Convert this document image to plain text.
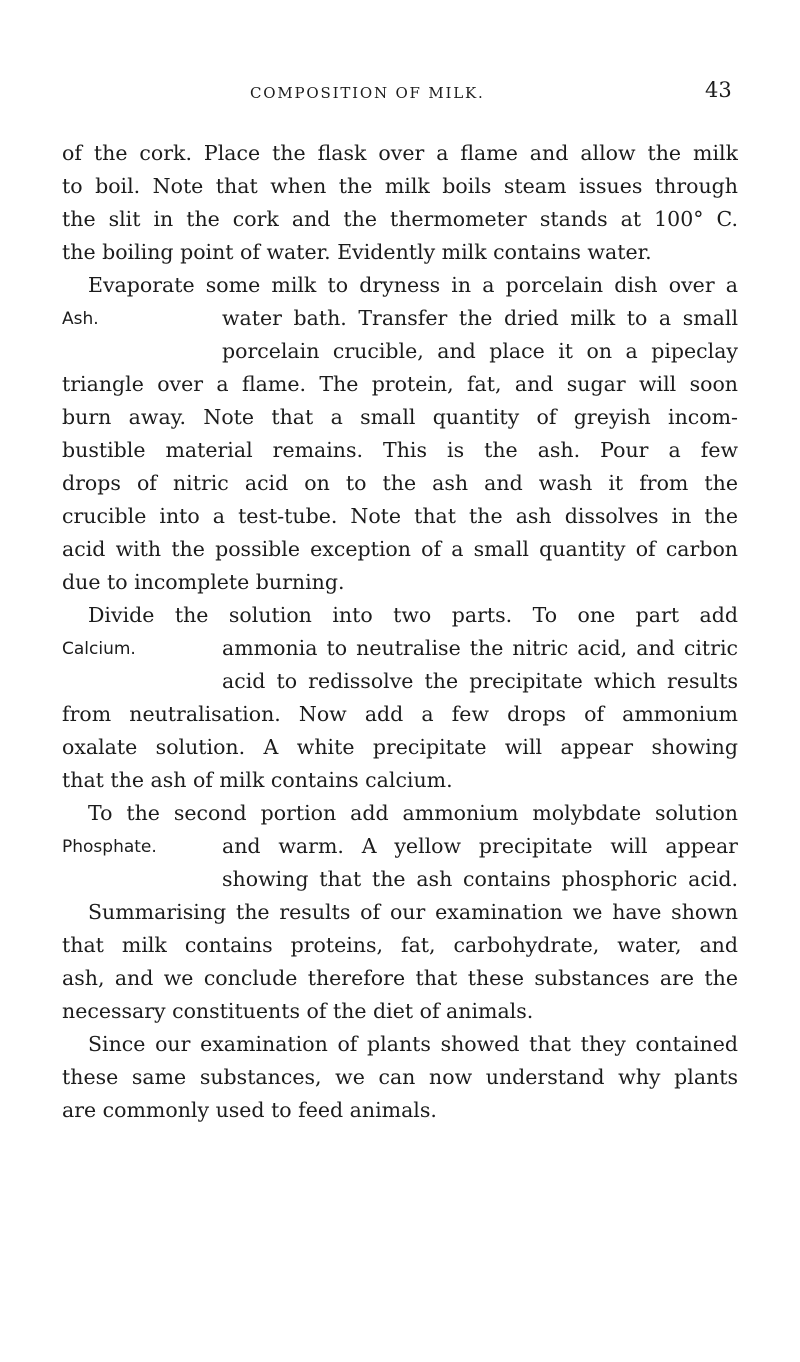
COMPOSITION OF MILK.	43
of the cork. Place the flask over a flame and allow the milk
to boil. Note that when the milk boils steam issues through
the slit in the cork and the thermometer stands at 100° C.
the boiling point of water. Evidently milk contains water.
Evaporate some milk to dryness in a porcelain dish over a
water bath. Transfer the dried milk to a small
porcelain crucible, and place it on a pipeclay
triangle over a flame. The protein, fat, and sugar will soon
burn away. Note that a small quantity of greyish incom-
bustible material remains. This is the ash. Pour a few
drops of nitric acid on to the ash and wash it from the
crucible into a test-tube. Note that the ash dissolves in the
acid with the possible exception of a small quantity of carbon
due to incomplete burning.
Divide the solution into two parts. To one part add
ammonia to neutralise the nitric acid, and citric
acid to redissolve the precipitate which results
from neutralisation. Now add a few drops of ammonium
oxalate solution. A white precipitate will appear showing
that the ash of milk contains calcium.
To the second portion add ammonium molybdate solution
and warm. A yellow precipitate will appear
showing that the ash contains phosphoric acid.
Summarising the results of our examination we have shown
that milk contains proteins, fat, carbohydrate, water, and
ash, and we conclude therefore that these substances are the
necessary constituents of the diet of animals.
Since our examination of plants showed that they contained
these same substances, we can now understand why plants
are commonly used to feed animals.
Ash.
Calcium.
Phosphate.
